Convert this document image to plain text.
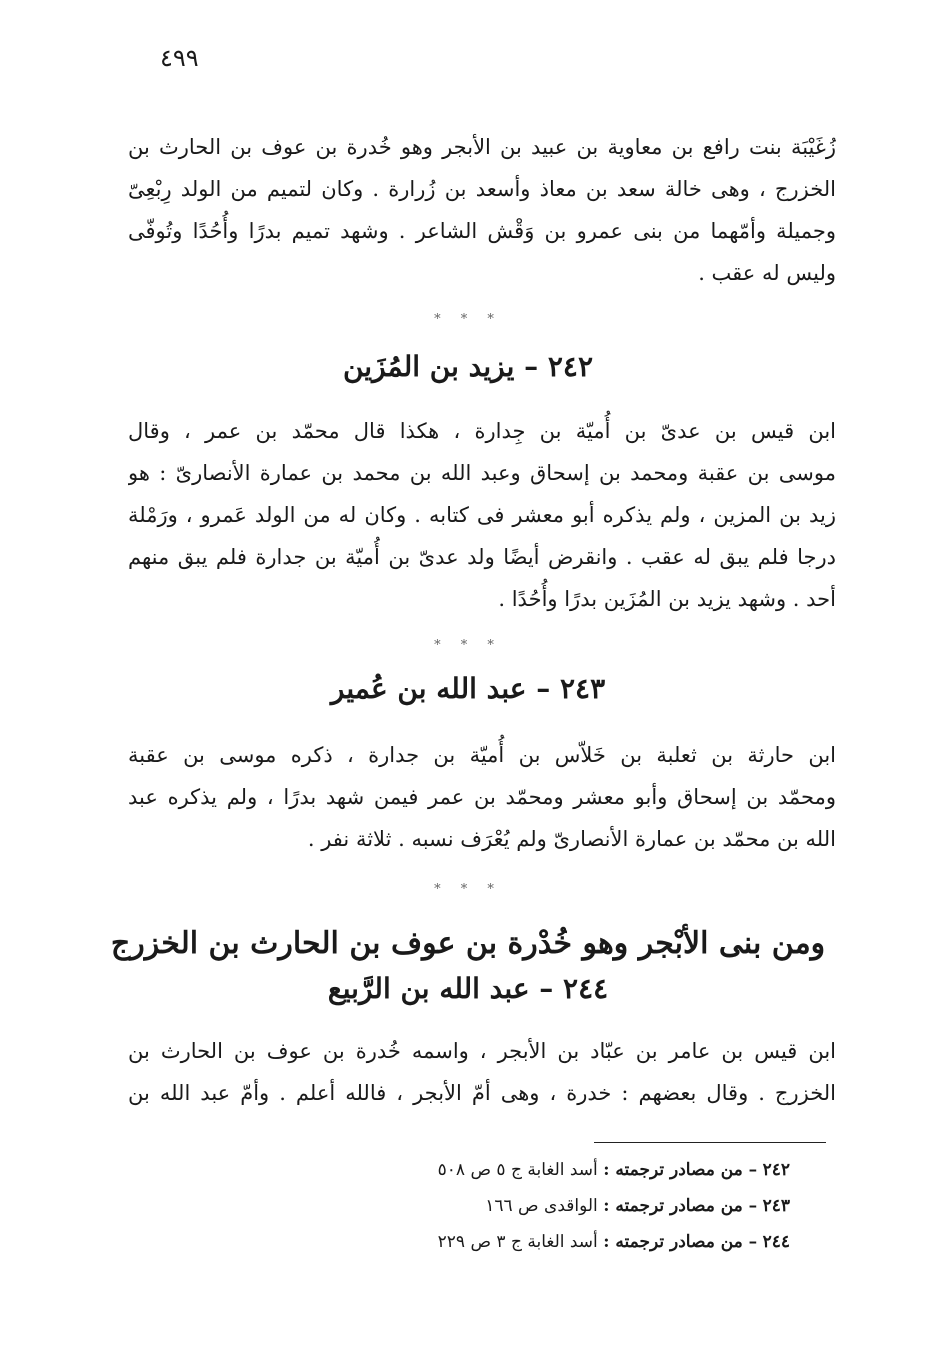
٤٩٩
زُغَيْبَة بنت رافع بن معاوية بن عبيد بن الأبجر وهو خُدرة بن عوف بن الحارث بن
الخزرج ، وهى خالة سعد بن معاذ وأسعد بن زُرارة . وكان لتميم من الولد رِبْعِىّ
وجميلة وأمّهما من بنى عمرو بن وَقْش الشاعر . وشهد تميم بدرًا وأُحُدًا وتُوفّى
وليس له عقب .
* * *
٢٤٢ – يزيد بن المُزَين
ابن قيس بن عدىّ بن أُميّة بن جِدارة ، هكذا قال محمّد بن عمر ، وقال
موسى بن عقبة ومحمد بن إسحاق وعبد الله بن محمد بن عمارة الأنصارىّ : هو
زيد بن المزين ، ولم يذكره أبو معشر فى كتابه . وكان له من الولد عَمرو ، ورَمْلة
درجا فلم يبق له عقب . وانقرض أيضًا ولد عدىّ بن أُميّة بن جدارة فلم يبق منهم
أحد . وشهد يزيد بن المُزَين بدرًا وأُحُدًا .
* * *
٢٤٣ – عبد الله بن عُمير
ابن حارثة بن ثعلبة بن خَلاّس بن أُميّة بن جدارة ، ذكره موسى بن عقبة
ومحمّد بن إسحاق وأبو معشر ومحمّد بن عمر فيمن شهد بدرًا ، ولم يذكره عبد
الله بن محمّد بن عمارة الأنصارىّ ولم يُعْرَف نسبه . ثلاثة نفر .
* * *
ومن بنى الأبْجر وهو خُدْرة بن عوف بن الحارث بن الخزرج
٢٤٤ – عبد الله بن الرَّبيع
ابن قيس بن عامر بن عبّاد بن الأبجر ، واسمه خُدرة بن عوف بن الحارث بن
الخزرج . وقال بعضهم : خدرة ، وهى أمّ الأبجر ، فالله أعلم . وأمّ عبد الله بن
٢٤٢ – من مصادر ترجمته : أسد الغابة ج ٥ ص ٥٠٨
٢٤٣ – من مصادر ترجمته : الواقدى ص ١٦٦
٢٤٤ – من مصادر ترجمته : أسد الغابة ج ٣ ص ٢٢٩
